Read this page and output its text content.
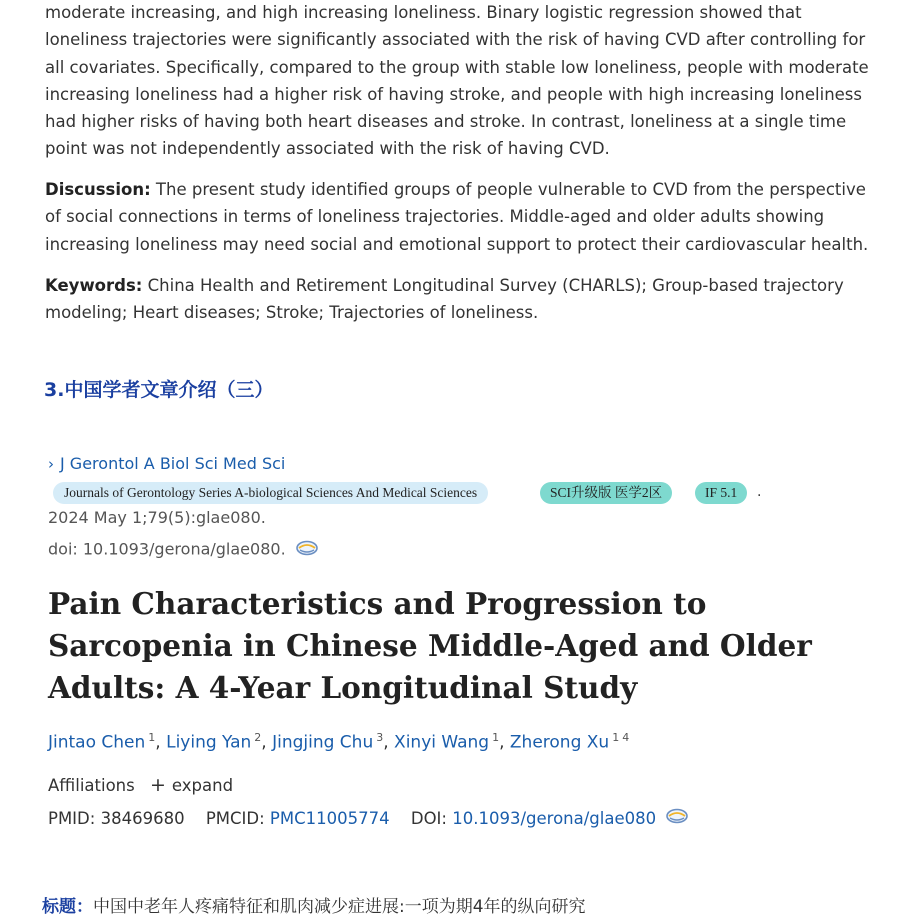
moderate increasing, and high increasing loneliness. Binary logistic regression showed that loneliness trajectories were significantly associated with the risk of having CVD after controlling for all covariates. Specifically, compared to the group with stable low loneliness, people with moderate increasing loneliness had a higher risk of having stroke, and people with high increasing loneliness had higher risks of having both heart diseases and stroke. In contrast, loneliness at a single time point was not independently associated with the risk of having CVD.

Discussion: The present study identified groups of people vulnerable to CVD from the perspective of social connections in terms of loneliness trajectories. Middle-aged and older adults showing increasing loneliness may need social and emotional support to protect their cardiovascular health.

Keywords: China Health and Retirement Longitudinal Survey (CHARLS); Group-based trajectory modeling; Heart diseases; Stroke; Trajectories of loneliness.

3.中国学者文章介绍（三）
› J Gerontol A Biol Sci Med Sci
Journals of Gerontology Series A-biological Sciences And Medical Sciences	SCI升级版 医学2区	IF 5.1	.
2024 May 1;79(5):glae080.
doi: 10.1093/gerona/glae080.
Pain Characteristics and Progression to Sarcopenia in Chinese Middle-Aged and Older Adults: A 4-Year Longitudinal Study
Jintao Chen $^1$, Liying Yan $^2$, Jingjing Chu $^3$, Xinyi Wang $^1$, Zherong Xu $^1$ $^4$
Affiliations + expand
PMID: 38469680 PMCID: PMC11005774 DOI: 10.1093/gerona/glae080
标题：中国中老年人疼痛特征和肌肉减少症进展:一项为期4年的纵向研究
